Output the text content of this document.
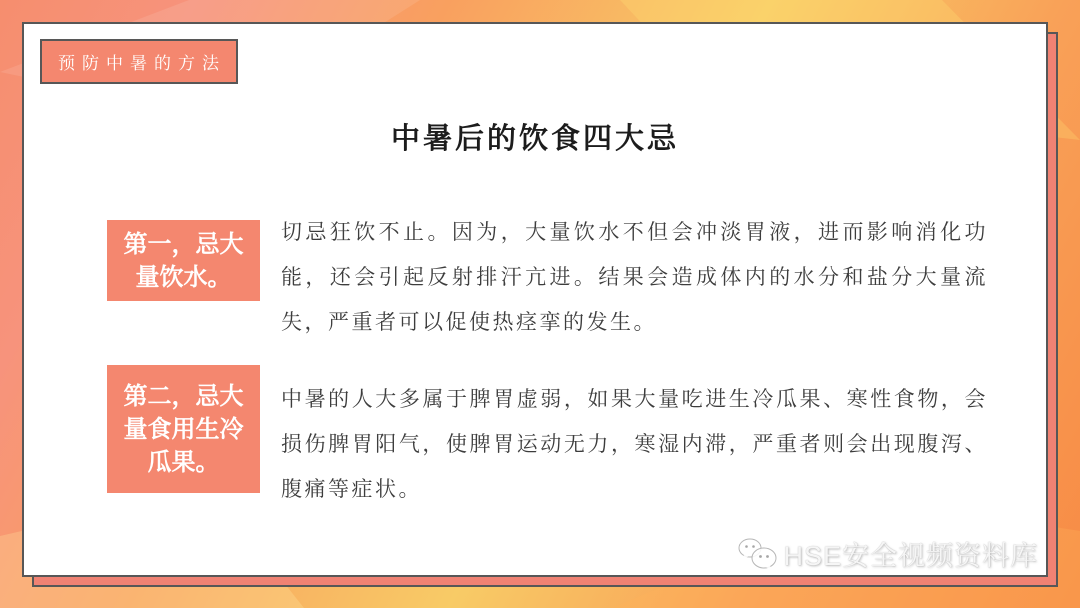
预防中暑的方法
中暑后的饮食四大忌
第一，忌大量饮水。
切忌狂饮不止。因为，大量饮水不但会冲淡胃液，进而影响消化功能，还会引起反射排汗亢进。结果会造成体内的水分和盐分大量流失，严重者可以促使热痉挛的发生。
第二，忌大量食用生冷瓜果。
中暑的人大多属于脾胃虚弱，如果大量吃进生冷瓜果、寒性食物，会损伤脾胃阳气，使脾胃运动无力，寒湿内滞，严重者则会出现腹泻、腹痛等症状。
HSE安全视频资料库
